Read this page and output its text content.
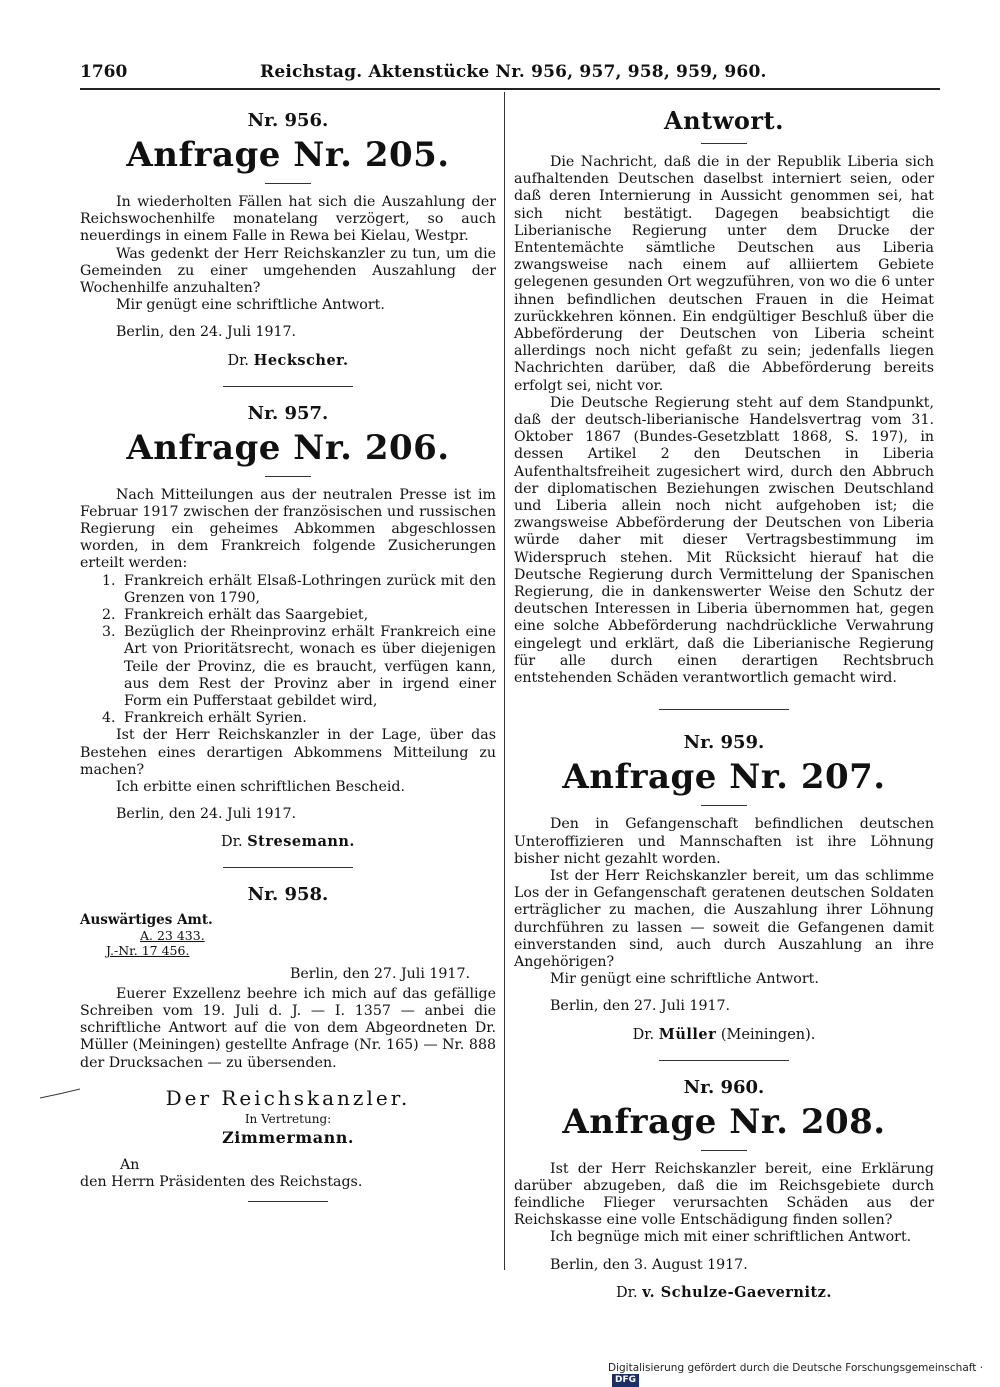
1760	Reichstag. Aktenstücke Nr. 956, 957, 958, 959, 960.
Nr. 956.
Anfrage Nr. 205.

In wiederholten Fällen hat sich die Auszahlung der Reichswochenhilfe monatelang verzögert, so auch neuerdings in einem Falle in Rewa bei Kielau, Westpr.

Was gedenkt der Herr Reichskanzler zu tun, um die Gemeinden zu einer umgehenden Auszahlung der Wochenhilfe anzuhalten?

Mir genügt eine schriftliche Antwort.

Berlin, den 24. Juli 1917.
Dr. Heckscher.
Nr. 957.
Anfrage Nr. 206.

Nach Mitteilungen aus der neutralen Presse ist im Februar 1917 zwischen der französischen und russischen Regierung ein geheimes Abkommen abgeschlossen worden, in dem Frankreich folgende Zusicherungen erteilt werden:

1. Frankreich erhält Elsaß-Lothringen zurück mit den Grenzen von 1790,
2. Frankreich erhält das Saargebiet,
3. Bezüglich der Rheinprovinz erhält Frankreich eine Art von Prioritätsrecht, wonach es über diejenigen Teile der Provinz, die es braucht, verfügen kann, aus dem Rest der Provinz aber in irgend einer Form ein Pufferstaat gebildet wird,
4. Frankreich erhält Syrien.

Ist der Herr Reichskanzler in der Lage, über das Bestehen eines derartigen Abkommens Mitteilung zu machen?

Ich erbitte einen schriftlichen Bescheid.

Berlin, den 24. Juli 1917.
Dr. Stresemann.
Nr. 958.
Auswärtiges Amt.
A. 23 433.
J.-Nr. 17 456.
Berlin, den 27. Juli 1917.

Euerer Exzellenz beehre ich mich auf das gefällige Schreiben vom 19. Juli d. J. — I. 1357 — anbei die schriftliche Antwort auf die von dem Abgeordneten Dr. Müller (Meiningen) gestellte Anfrage (Nr. 165) — Nr. 888 der Drucksachen — zu übersenden.

Der Reichskanzler.
In Vertretung:
Zimmermann.
An
den Herrn Präsidenten des Reichstags.
Antwort.

Die Nachricht, daß die in der Republik Liberia sich aufhaltenden Deutschen daselbst interniert seien, oder daß deren Internierung in Aussicht genommen sei, hat sich nicht bestätigt. Dagegen beabsichtigt die Liberianische Regierung unter dem Drucke der Ententemächte sämtliche Deutschen aus Liberia zwangsweise nach einem auf alliiertem Gebiete gelegenen gesunden Ort wegzuführen, von wo die 6 unter ihnen befindlichen deutschen Frauen in die Heimat zurückkehren können. Ein endgültiger Beschluß über die Abbeförderung der Deutschen von Liberia scheint allerdings noch nicht gefaßt zu sein; jedenfalls liegen Nachrichten darüber, daß die Abbeförderung bereits erfolgt sei, nicht vor.

Die Deutsche Regierung steht auf dem Standpunkt, daß der deutsch-liberianische Handelsvertrag vom 31. Oktober 1867 (Bundes-Gesetzblatt 1868, S. 197), in dessen Artikel 2 den Deutschen in Liberia Aufenthaltsfreiheit zugesichert wird, durch den Abbruch der diplomatischen Beziehungen zwischen Deutschland und Liberia allein noch nicht aufgehoben ist; die zwangsweise Abbeförderung der Deutschen von Liberia würde daher mit dieser Vertragsbestimmung im Widerspruch stehen. Mit Rücksicht hierauf hat die Deutsche Regierung durch Vermittelung der Spanischen Regierung, die in dankenswerter Weise den Schutz der deutschen Interessen in Liberia übernommen hat, gegen eine solche Abbeförderung nachdrückliche Verwahrung eingelegt und erklärt, daß die Liberianische Regierung für alle durch einen derartigen Rechtsbruch entstehenden Schäden verantwortlich gemacht wird.

Nr. 959.
Anfrage Nr. 207.

Den in Gefangenschaft befindlichen deutschen Unteroffizieren und Mannschaften ist ihre Löhnung bisher nicht gezahlt worden.

Ist der Herr Reichskanzler bereit, um das schlimme Los der in Gefangenschaft geratenen deutschen Soldaten erträglicher zu machen, die Auszahlung ihrer Löhnung durchführen zu lassen — soweit die Gefangenen damit einverstanden sind, auch durch Auszahlung an ihre Angehörigen?

Mir genügt eine schriftliche Antwort.

Berlin, den 27. Juli 1917.
Dr. Müller (Meiningen).
Nr. 960.
Anfrage Nr. 208.

Ist der Herr Reichskanzler bereit, eine Erklärung darüber abzugeben, daß die im Reichsgebiete durch feindliche Flieger verursachten Schäden aus der Reichskasse eine volle Entschädigung finden sollen?

Ich begnüge mich mit einer schriftlichen Antwort.

Berlin, den 3. August 1917.
Dr. v. Schulze-Gaevernitz.
Digitalisierung gefördert durch die Deutsche Forschungsgemeinschaft · DFG
